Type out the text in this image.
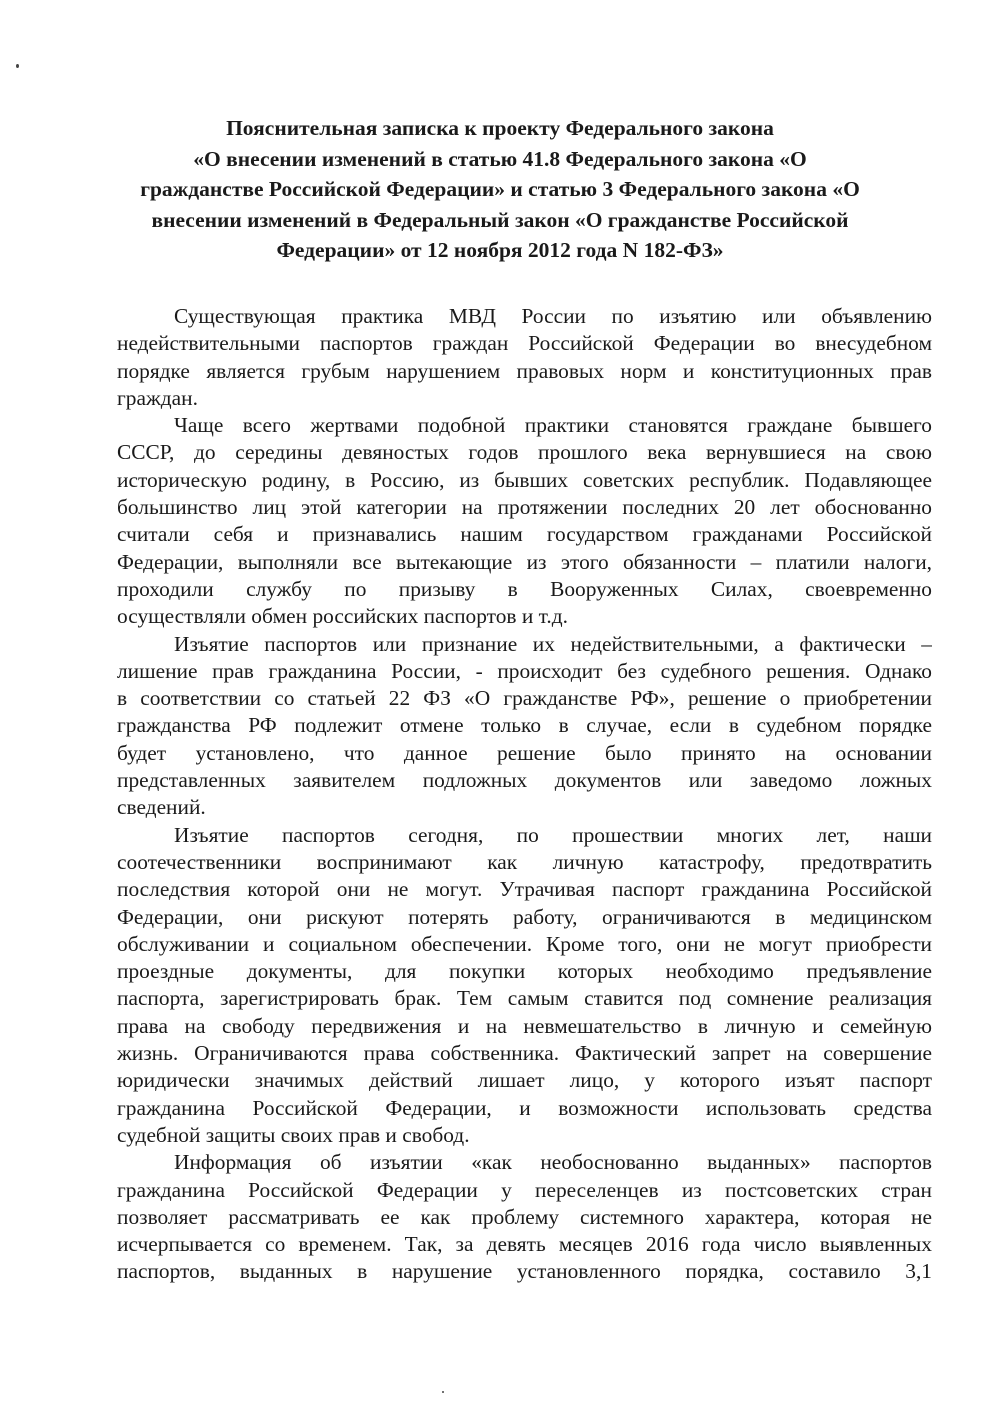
Пояснительная записка к проекту Федерального закона
«О внесении изменений в статью 41.8 Федерального закона «О
гражданстве Российской Федерации» и статью 3 Федерального закона «О
внесении изменений в Федеральный закон «О гражданстве Российской
Федерации» от 12 ноября 2012 года N 182-ФЗ»
Существующая практика МВД России по изъятию или объявлению
недействительными паспортов граждан Российской Федерации во внесудебном
порядке является грубым нарушением правовых норм и конституционных прав
граждан.
Чаще всего жертвами подобной практики становятся граждане бывшего
СССР, до середины девяностых годов прошлого века вернувшиеся на свою
историческую родину, в Россию, из бывших советских республик. Подавляющее
большинство лиц этой категории на протяжении последних 20 лет обоснованно
считали себя и признавались нашим государством гражданами Российской
Федерации, выполняли все вытекающие из этого обязанности – платили налоги,
проходили службу по призыву в Вооруженных Силах, своевременно
осуществляли обмен российских паспортов и т.д.
Изъятие паспортов или признание их недействительными, а фактически –
лишение прав гражданина России, - происходит без судебного решения. Однако
в соответствии со статьей 22 ФЗ «О гражданстве РФ», решение о приобретении
гражданства РФ подлежит отмене только в случае, если в судебном порядке
будет установлено, что данное решение было принято на основании
представленных заявителем подложных документов или заведомо ложных
сведений.
Изъятие паспортов сегодня, по прошествии многих лет, наши
соотечественники воспринимают как личную катастрофу, предотвратить
последствия которой они не могут. Утрачивая паспорт гражданина Российской
Федерации, они рискуют потерять работу, ограничиваются в медицинском
обслуживании и социальном обеспечении. Кроме того, они не могут приобрести
проездные документы, для покупки которых необходимо предъявление
паспорта, зарегистрировать брак. Тем самым ставится под сомнение реализация
права на свободу передвижения и на невмешательство в личную и семейную
жизнь. Ограничиваются права собственника. Фактический запрет на совершение
юридически значимых действий лишает лицо, у которого изъят паспорт
гражданина Российской Федерации, и возможности использовать средства
судебной защиты своих прав и свобод.
Информация об изъятии «как необоснованно выданных» паспортов
гражданина Российской Федерации у переселенцев из постсоветских стран
позволяет рассматривать ее как проблему системного характера, которая не
исчерпывается со временем. Так, за девять месяцев 2016 года число выявленных
паспортов, выданных в нарушение установленного порядка, составило 3,1
